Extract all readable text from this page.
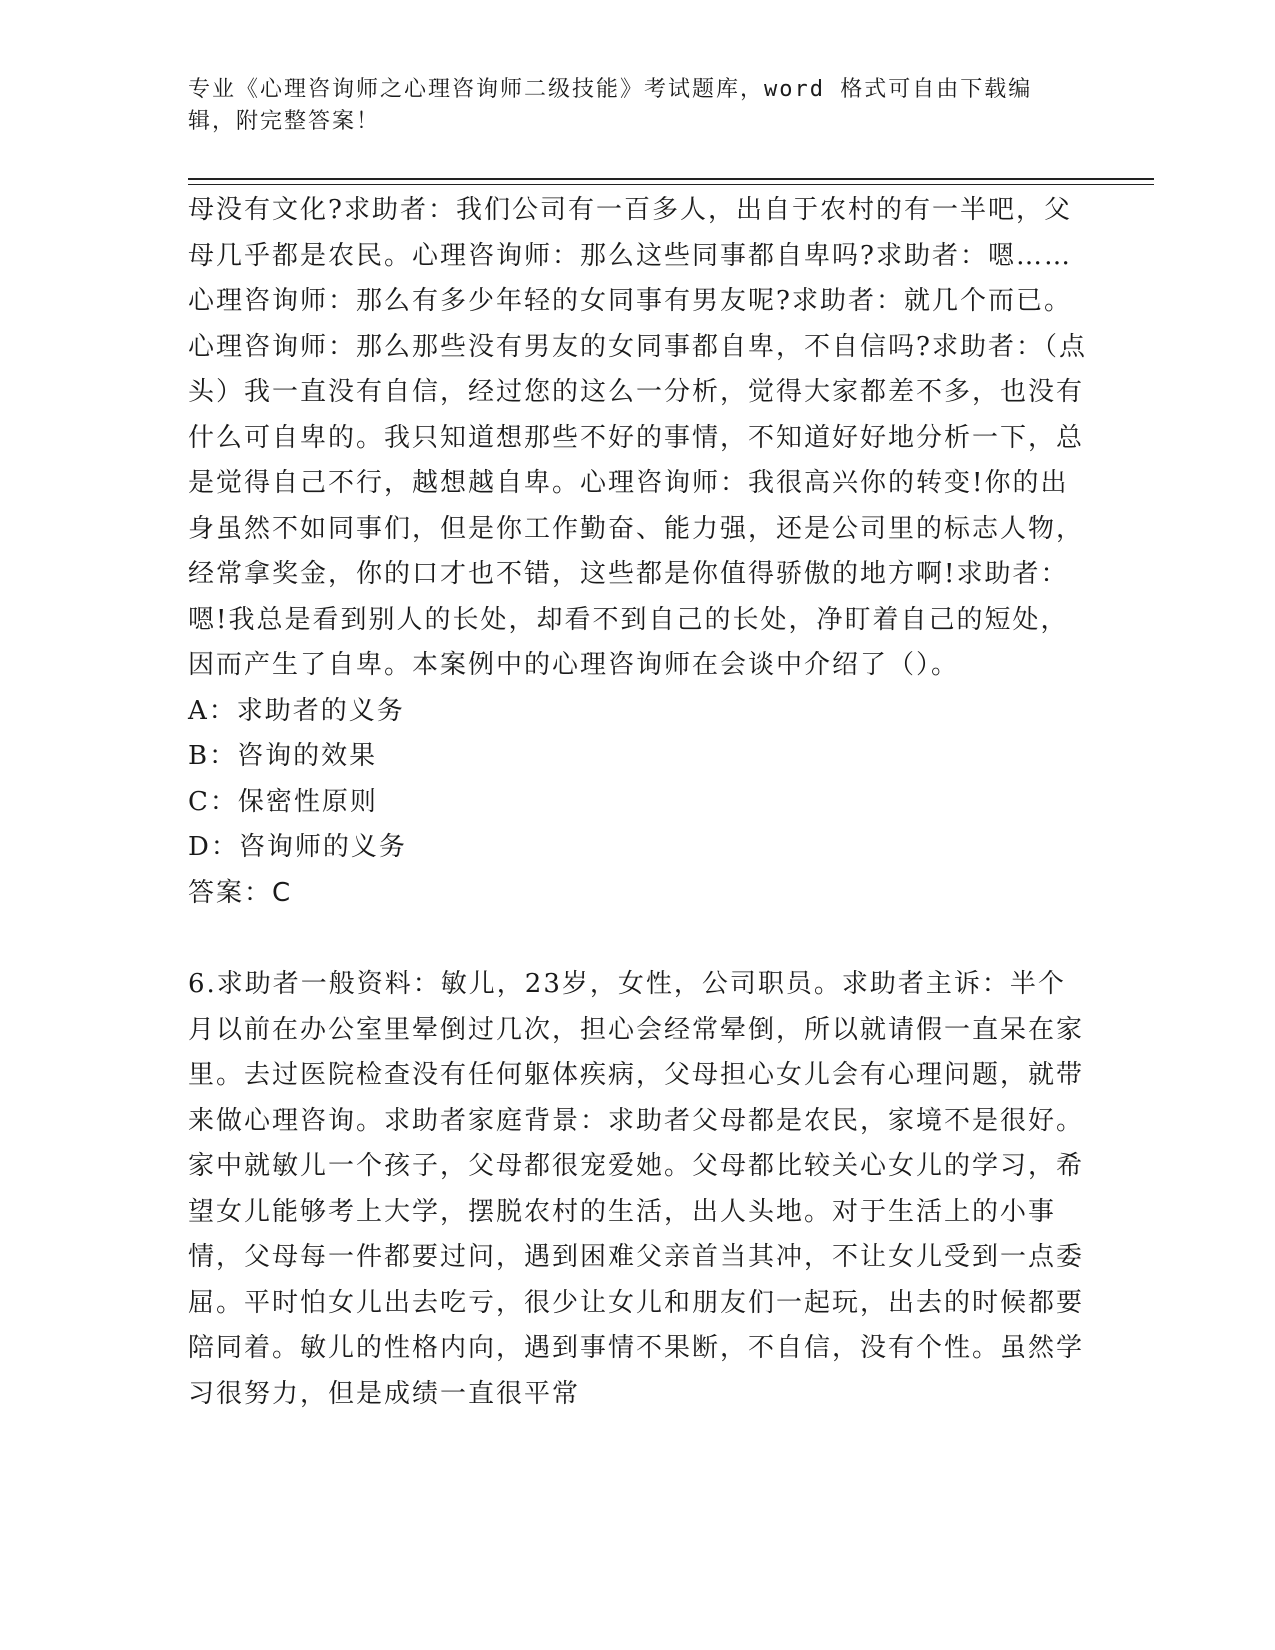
专业《心理咨询师之心理咨询师二级技能》考试题库，word 格式可自由下载编辑，附完整答案！

母没有文化?求助者：我们公司有一百多人，出自于农村的有一半吧，父母几乎都是农民。心理咨询师：那么这些同事都自卑吗?求助者：嗯……心理咨询师：那么有多少年轻的女同事有男友呢?求助者：就几个而已。心理咨询师：那么那些没有男友的女同事都自卑，不自信吗?求助者：（点头）我一直没有自信，经过您的这么一分析，觉得大家都差不多，也没有什么可自卑的。我只知道想那些不好的事情，不知道好好地分析一下，总是觉得自己不行，越想越自卑。心理咨询师：我很高兴你的转变!你的出身虽然不如同事们，但是你工作勤奋、能力强，还是公司里的标志人物，经常拿奖金，你的口才也不错，这些都是你值得骄傲的地方啊!求助者：嗯!我总是看到别人的长处，却看不到自己的长处，净盯着自己的短处，因而产生了自卑。本案例中的心理咨询师在会谈中介绍了（）。

A：求助者的义务

B：咨询的效果

C：保密性原则

D：咨询师的义务

答案：C

6.求助者一般资料：敏儿，23岁，女性，公司职员。求助者主诉：半个月以前在办公室里晕倒过几次，担心会经常晕倒，所以就请假一直呆在家里。去过医院检查没有任何躯体疾病，父母担心女儿会有心理问题，就带来做心理咨询。求助者家庭背景：求助者父母都是农民，家境不是很好。家中就敏儿一个孩子，父母都很宠爱她。父母都比较关心女儿的学习，希望女儿能够考上大学，摆脱农村的生活，出人头地。对于生活上的小事情，父母每一件都要过问，遇到困难父亲首当其冲，不让女儿受到一点委屈。平时怕女儿出去吃亏，很少让女儿和朋友们一起玩，出去的时候都要陪同着。敏儿的性格内向，遇到事情不果断，不自信，没有个性。虽然学习很努力，但是成绩一直很平常
